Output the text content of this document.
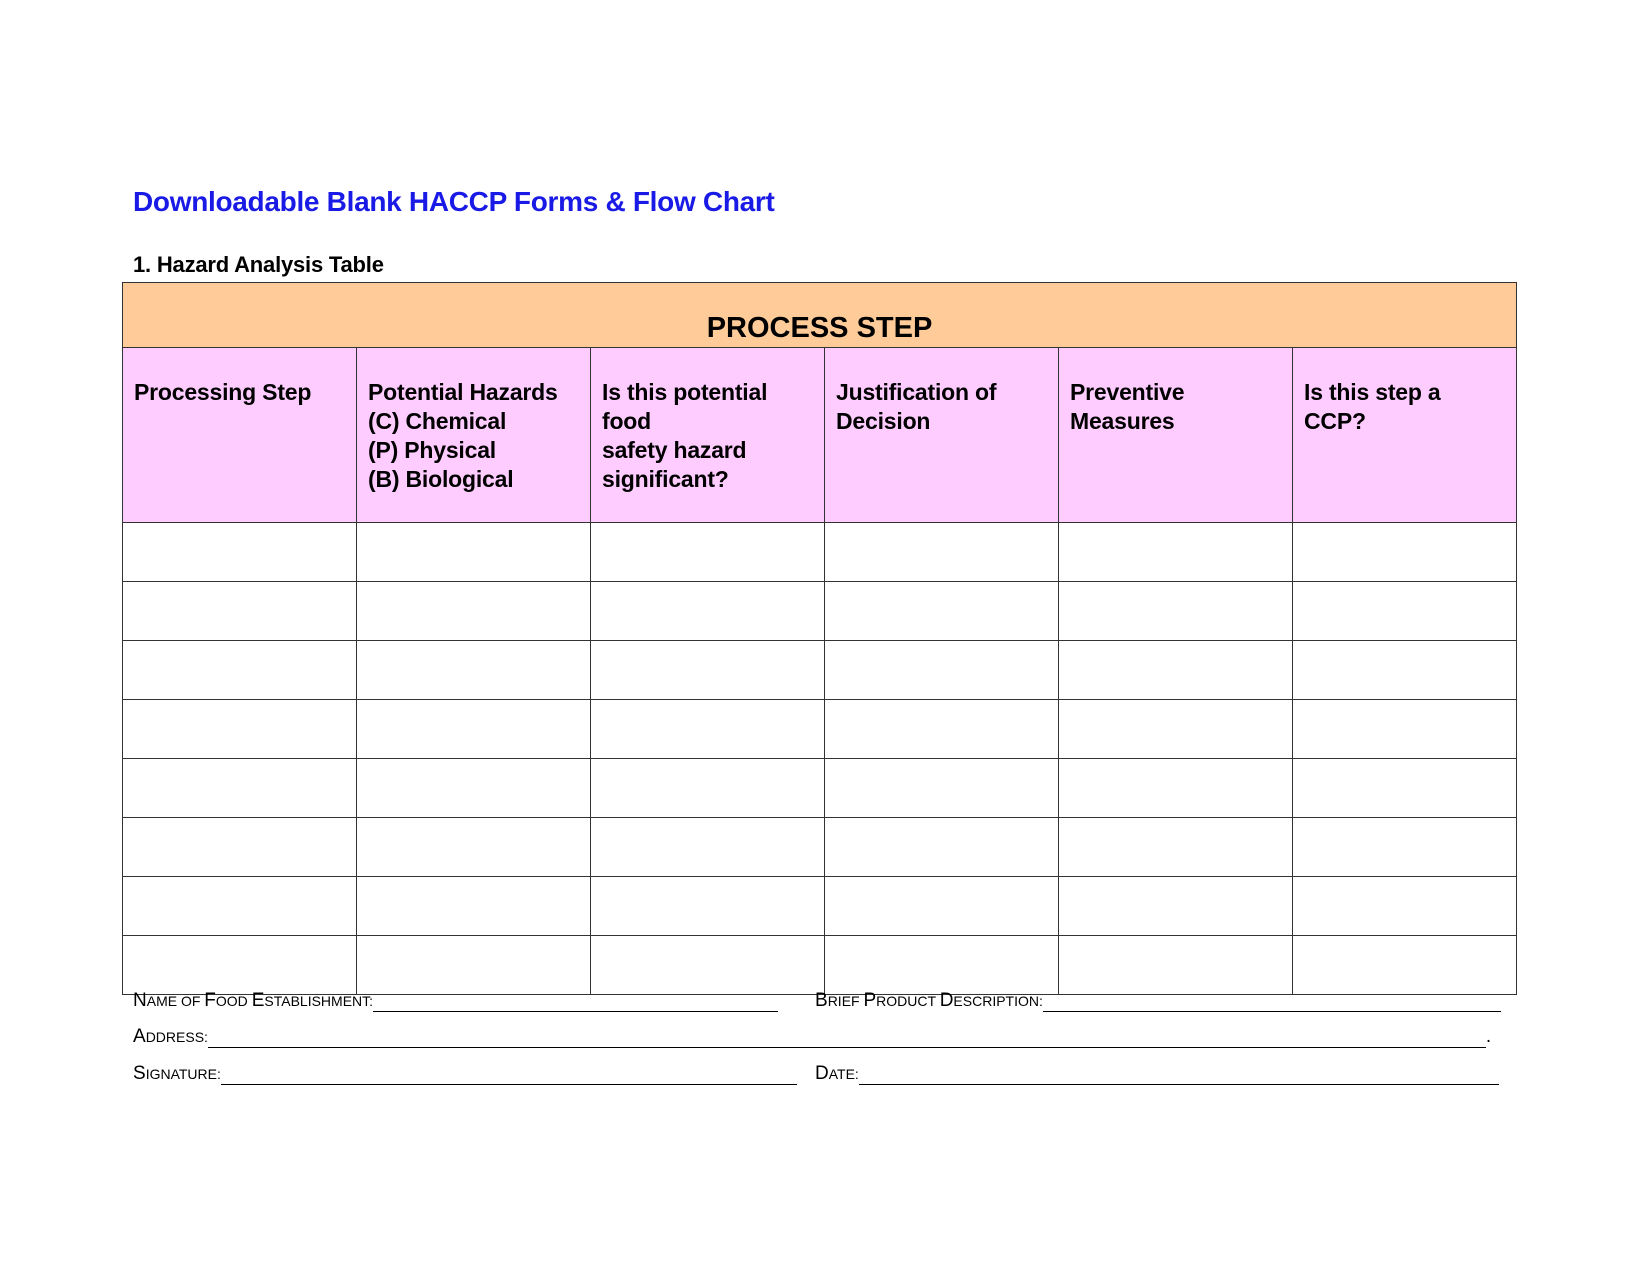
Downloadable Blank HACCP Forms & Flow Chart
1. Hazard Analysis Table
PROCESS STEP					

Processing Step	Potential Hazards
(C) Chemical
(P) Physical
(B) Biological	Is this potential food
safety hazard
significant?	Justification of
Decision	Preventive Measures	Is this step a CCP?

NAME OF FOOD ESTABLISHMENT:	BRIEF PRODUCT DESCRIPTION:
ADDRESS:	.
SIGNATURE:	DATE:
